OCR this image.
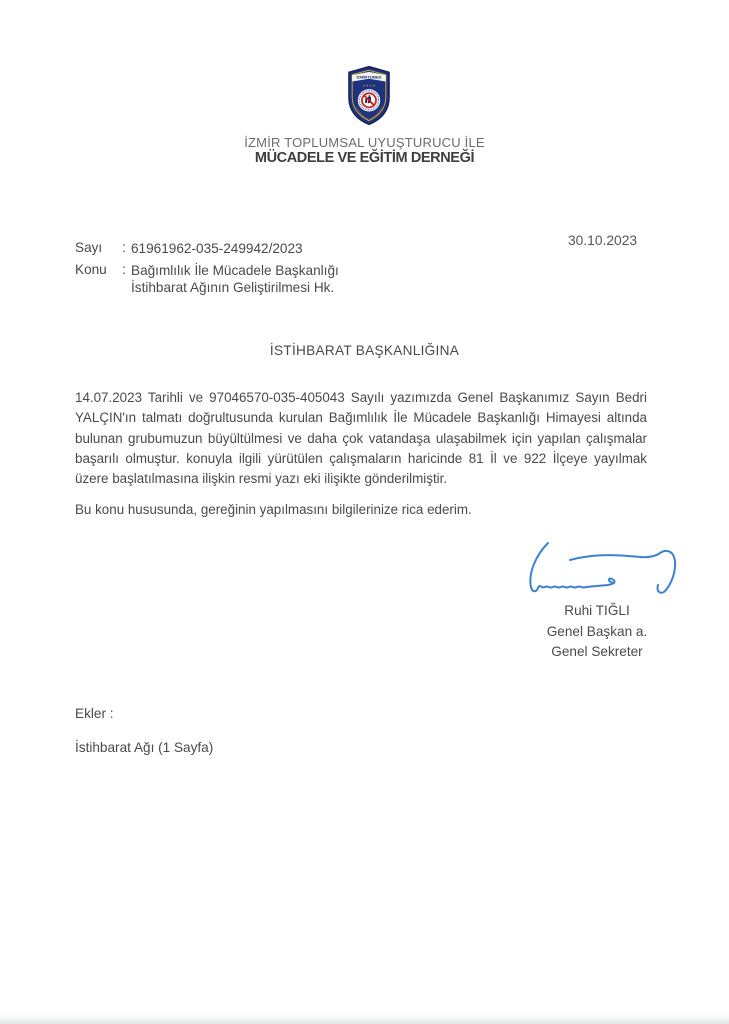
İZMİRTUMED
★ ★ ★ ★
İZMİR TOPLUMSAL UYUŞTURUCU İLE
MÜCADELE VE EĞİTİM DERNEĞİ
30.10.2023
Sayı	: 61961962-035-249942/2023
Konu	: Bağımlılık İle Mücadele Başkanlığı
İstihbarat Ağının Geliştirilmesi Hk.
İSTİHBARAT BAŞKANLIĞINA
14.07.2023 Tarihli ve 97046570-035-405043 Sayılı yazımızda Genel Başkanımız Sayın Bedri YALÇIN'ın talmatı doğrultusunda kurulan Bağımlılık İle Mücadele Başkanlığı Himayesi altında bulunan grubumuzun büyültülmesi ve daha çok vatandaşa ulaşabilmek için yapılan çalışmalar başarılı olmuştur. konuyla ilgili yürütülen çalışmaların haricinde 81 İl ve 922 İlçeye yayılmak üzere başlatılmasına ilişkin resmi yazı eki ilişikte gönderilmiştir.
Bu konu hususunda, gereğinin yapılmasını bilgilerinize rica ederim.
Ruhi TIĞLI
Genel Başkan a.
Genel Sekreter
Ekler :
İstihbarat Ağı (1 Sayfa)
